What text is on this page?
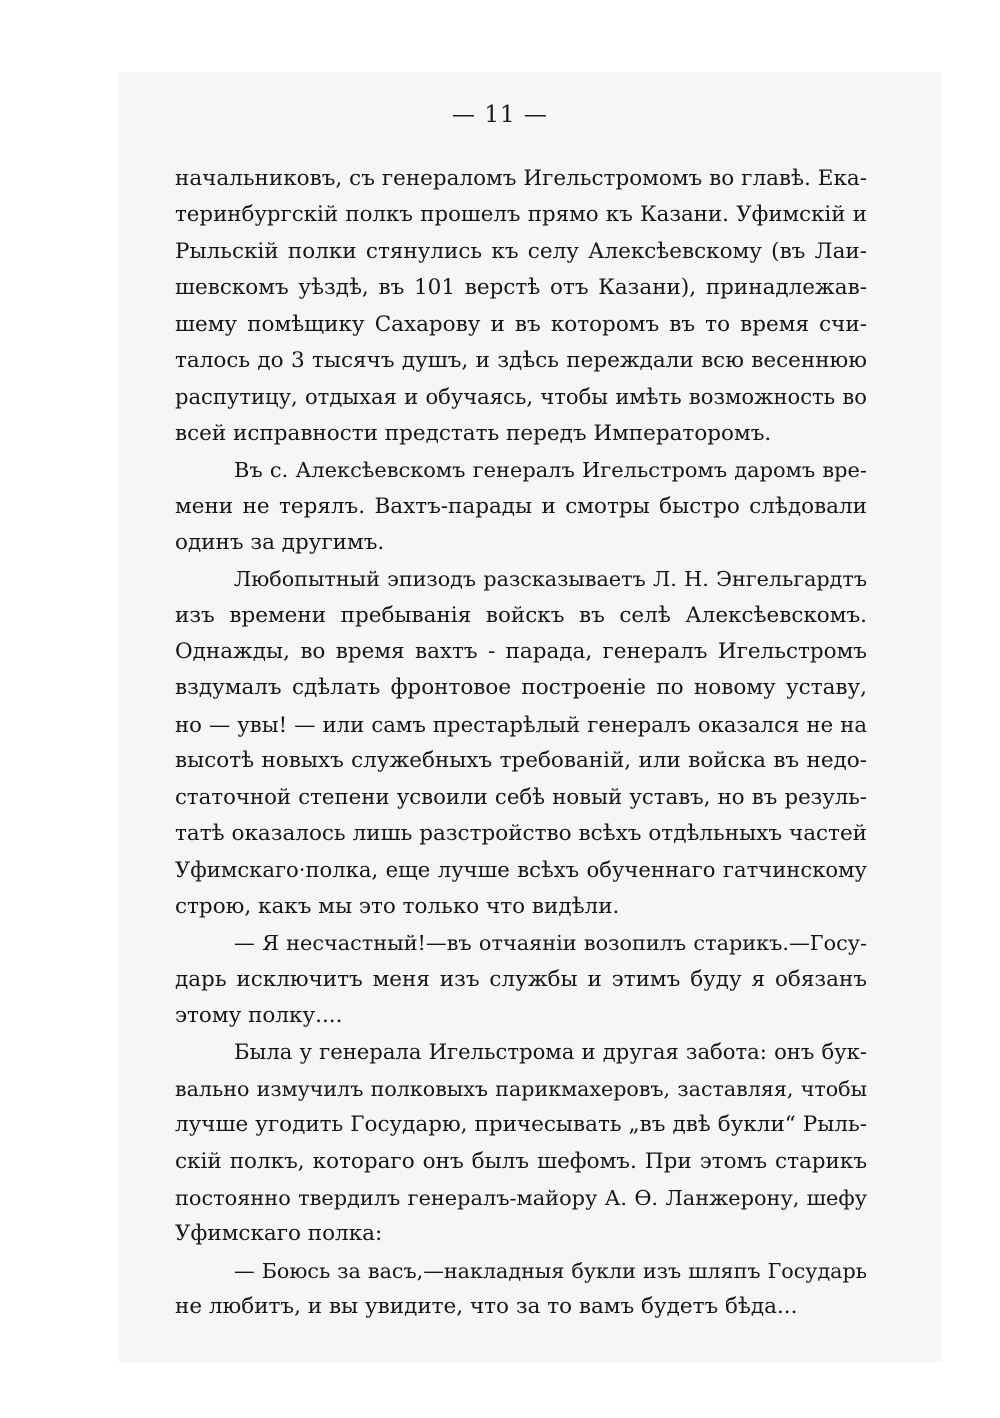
— 11 —
начальниковъ, съ генераломъ Игельстромомъ во главѣ. Ека-
теринбургскій полкъ прошелъ прямо къ Казани. Уфимскій и
Рыльскій полки стянулись къ селу Алексѣевскому (въ Лаи-
шевскомъ уѣздѣ, въ 101 верстѣ отъ Казани), принадлежав-
шему помѣщику Сахарову и въ которомъ въ то время счи-
талось до 3 тысячъ душъ, и здѣсь переждали всю весеннюю
распутицу, отдыхая и обучаясь, чтобы имѣть возможность во
всей исправности предстать передъ Императоромъ.
Въ с. Алексѣевскомъ генералъ Игельстромъ даромъ вре-
мени не терялъ. Вахтъ-парады и смотры быстро слѣдовали
одинъ за другимъ.
Любопытный эпизодъ разсказываетъ Л. Н. Энгельгардтъ
изъ времени пребыванія войскъ въ селѣ Алексѣевскомъ.
Однажды, во время вахтъ - парада, генералъ Игельстромъ
вздумалъ сдѣлать фронтовое построеніе по новому уставу,
но — увы! — или самъ престарѣлый генералъ оказался не на
высотѣ новыхъ служебныхъ требованій, или войска въ недо-
статочной степени усвоили себѣ новый уставъ, но въ резуль-
татѣ оказалось лишь разстройство всѣхъ отдѣльныхъ частей
Уфимскаго·полка, еще лучше всѣхъ обученнаго гатчинскому
строю, какъ мы это только что видѣли.
— Я несчастный!—въ отчаяніи возопилъ старикъ.—Госу-
дарь исключитъ меня изъ службы и этимъ буду я обязанъ
этому полку....
Была у генерала Игельстрома и другая забота: онъ бук-
вально измучилъ полковыхъ парикмахеровъ, заставляя, чтобы
лучше угодить Государю, причесывать „въ двѣ букли“ Рыль-
скій полкъ, котораго онъ былъ шефомъ. При этомъ старикъ
постоянно твердилъ генералъ-майору А. Ѳ. Ланжерону, шефу
Уфимскаго полка:
— Боюсь за васъ,—накладныя букли изъ шляпъ Государь
не любитъ, и вы увидите, что за то вамъ будетъ бѣда...
